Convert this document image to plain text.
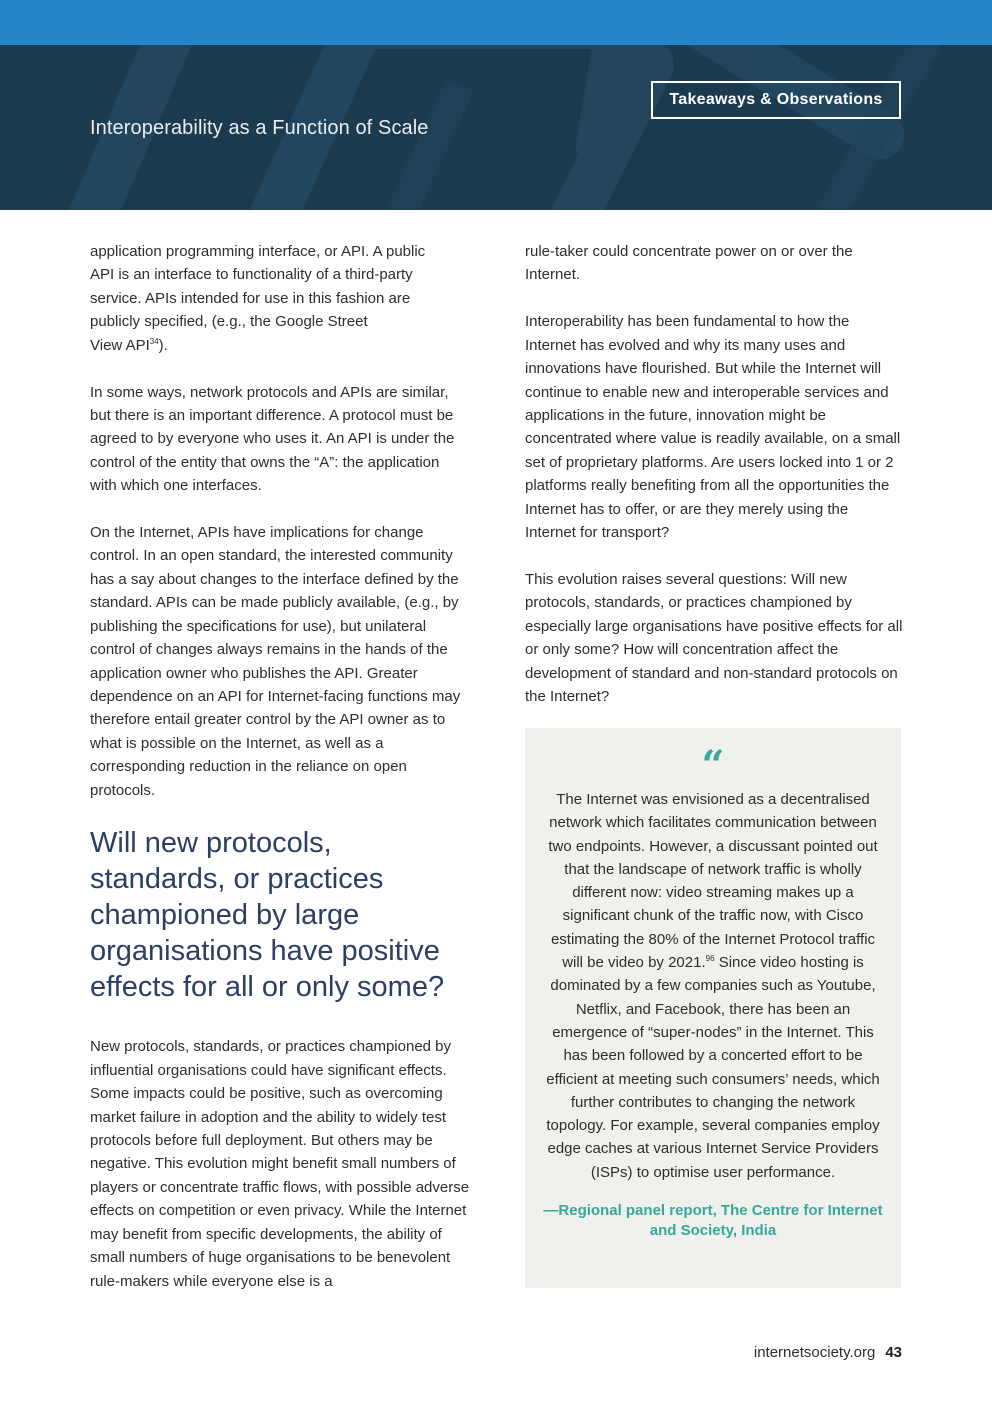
Interoperability as a Function of Scale
Takeaways & Observations

application programming interface, or API. A public
API is an interface to functionality of a third-party
service. APIs intended for use in this fashion are
publicly specified, (e.g., the Google Street
View API$^{34}$).

In some ways, network protocols and APIs are similar, but there is an important difference. A protocol must be agreed to by everyone who uses it. An API is under the control of the entity that owns the “A”: the application with which one interfaces.

On the Internet, APIs have implications for change control. In an open standard, the interested community has a say about changes to the interface defined by the standard. APIs can be made publicly available, (e.g., by publishing the specifications for use), but unilateral control of changes always remains in the hands of the application owner who publishes the API. Greater dependence on an API for Internet-facing functions may therefore entail greater control by the API owner as to what is possible on the Internet, as well as a corresponding reduction in the reliance on open protocols.

Will new protocols, standards, or practices championed by large organisations have positive effects for all or only some?

New protocols, standards, or practices championed by influential organisations could have significant effects. Some impacts could be positive, such as overcoming market failure in adoption and the ability to widely test protocols before full deployment. But others may be negative. This evolution might benefit small numbers of players or concentrate traffic flows, with possible adverse effects on competition or even privacy. While the Internet may benefit from specific developments, the ability of small numbers of huge organisations to be benevolent rule-makers while everyone else is a

rule-taker could concentrate power on or over the Internet.

Interoperability has been fundamental to how the Internet has evolved and why its many uses and innovations have flourished. But while the Internet will continue to enable new and interoperable services and applications in the future, innovation might be concentrated where value is readily available, on a small set of proprietary platforms. Are users locked into 1 or 2 platforms really benefiting from all the opportunities the Internet has to offer, or are they merely using the Internet for transport?

This evolution raises several questions: Will new protocols, standards, or practices championed by especially large organisations have positive effects for all or only some? How will concentration affect the development of standard and non-standard protocols on the Internet?

“

The Internet was envisioned as a decentralised network which facilitates communication between two endpoints. However, a discussant pointed out that the landscape of network traffic is wholly different now: video streaming makes up a significant chunk of the traffic now, with Cisco estimating the 80% of the Internet Protocol traffic will be video by 2021.96 Since video hosting is dominated by a few companies such as Youtube, Netflix, and Facebook, there has been an emergence of “super-nodes” in the Internet. This has been followed by a concerted effort to be efficient at meeting such consumers’ needs, which further contributes to changing the network topology. For example, several companies employ edge caches at various Internet Service Providers (ISPs) to optimise user performance.

—Regional panel report, The Centre for Internet and Society, India
internetsociety.org 43
